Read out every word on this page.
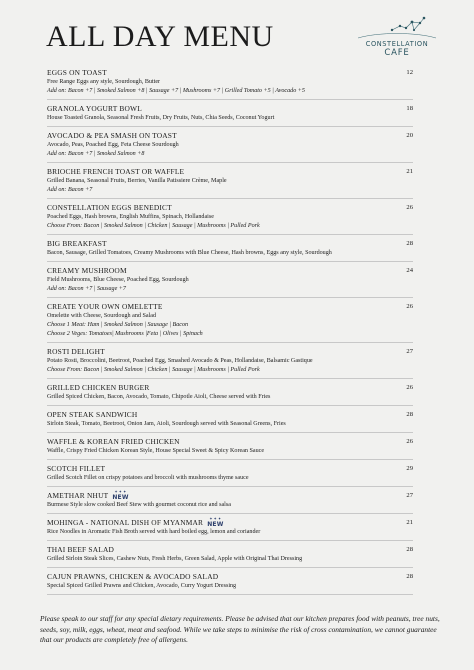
ALL DAY MENU	CONSTELLATION
CAFE
EGGS ON TOAST	12
Free Range Eggs any style, Sourdough, Butter
Add on: Bacon +7 | Smoked Salmon +8 | Sausage +7 | Mushrooms +7 | Grilled Tomato +5 | Avocado +5
GRANOLA YOGURT BOWL	18
House Toasted Granola, Seasonal Fresh Fruits, Dry Fruits, Nuts, Chia Seeds, Coconut Yogurt
AVOCADO & PEA SMASH ON TOAST	20
Avocado, Peas, Poached Egg, Feta Cheese Sourdough
Add on: Bacon +7 | Smoked Salmon +8
BRIOCHE FRENCH TOAST OR WAFFLE	21
Grilled Banana, Seasonal Fruits, Berries, Vanilla Patissiere Crème, Maple
Add on: Bacon +7
CONSTELLATION EGGS BENEDICT	26
Poached Eggs, Hash browns, English Muffins, Spinach, Hollandaise
Choose From: Bacon | Smoked Salmon | Chicken | Sausage | Mushrooms | Pulled Pork
BIG BREAKFAST	28
Bacon, Sausage, Grilled Tomatoes, Creamy Mushrooms with Blue Cheese, Hash browns, Eggs any style, Sourdough
CREAMY MUSHROOM	24
Field Mushrooms, Blue Cheese, Poached Egg, Sourdough
Add on: Bacon +7 | Sausage +7
CREATE YOUR OWN OMELETTE	26
Omelette with Cheese, Sourdough and Salad
Choose 1 Meat: Ham | Smoked Salmon | Sausage | Bacon
Choose 2 Veges: Tomatoes| Mushrooms |Feta | Olives | Spinach
ROSTI DELIGHT	27
Potato Rosti, Broccolini, Beetroot, Poached Egg, Smashed Avocado & Peas, Hollandaise, Balsamic Gastique
Choose From: Bacon | Smoked Salmon | Chicken | Sausage | Mushrooms | Pulled Pork
GRILLED CHICKEN BURGER	26
Grilled Spiced Chicken, Bacon, Avocado, Tomato, Chipotle Aioli, Cheese served with Fries
OPEN STEAK SANDWICH	28
Sirloin Steak, Tomato, Beetroot, Onion Jam, Aioli, Sourdough served with Seasonal Greens, Fries
WAFFLE & KOREAN FRIED CHICKEN	26
Waffle, Crispy Fried Chicken Korean Style, House Special Sweet & Spicy Korean Sauce
SCOTCH FILLET	29
Grilled Scotch Fillet on crispy potatoes and broccoli with mushrooms thyme sauce
AMETHAR NHUT ✦✦✦
NEW	27
Burmese Style slow cooked Beef Stew with gourmet coconut rice and salsa
MOHINGA - NATIONAL DISH OF MYANMAR ✦✦✦
NEW	21
Rice Noodles in Aromatic Fish Broth served with hard boiled egg, lemon and coriander
THAI BEEF SALAD	28
Grilled Sirloin Steak Slices, Cashew Nuts, Fresh Herbs, Green Salad, Apple with Original Thai Dressing
CAJUN PRAWNS, CHICKEN & AVOCADO SALAD	28
Special Spiced Grilled Prawns and Chicken, Avocado, Curry Yogurt Dressing
Please speak to our staff for any special dietary requirements. Please be advised that our kitchen prepares food with peanuts, tree nuts, seeds, soy, milk, eggs, wheat, meat and seafood. While we take steps to minimise the risk of cross contamination, we cannot guarantee that our products are completely free of allergens.
